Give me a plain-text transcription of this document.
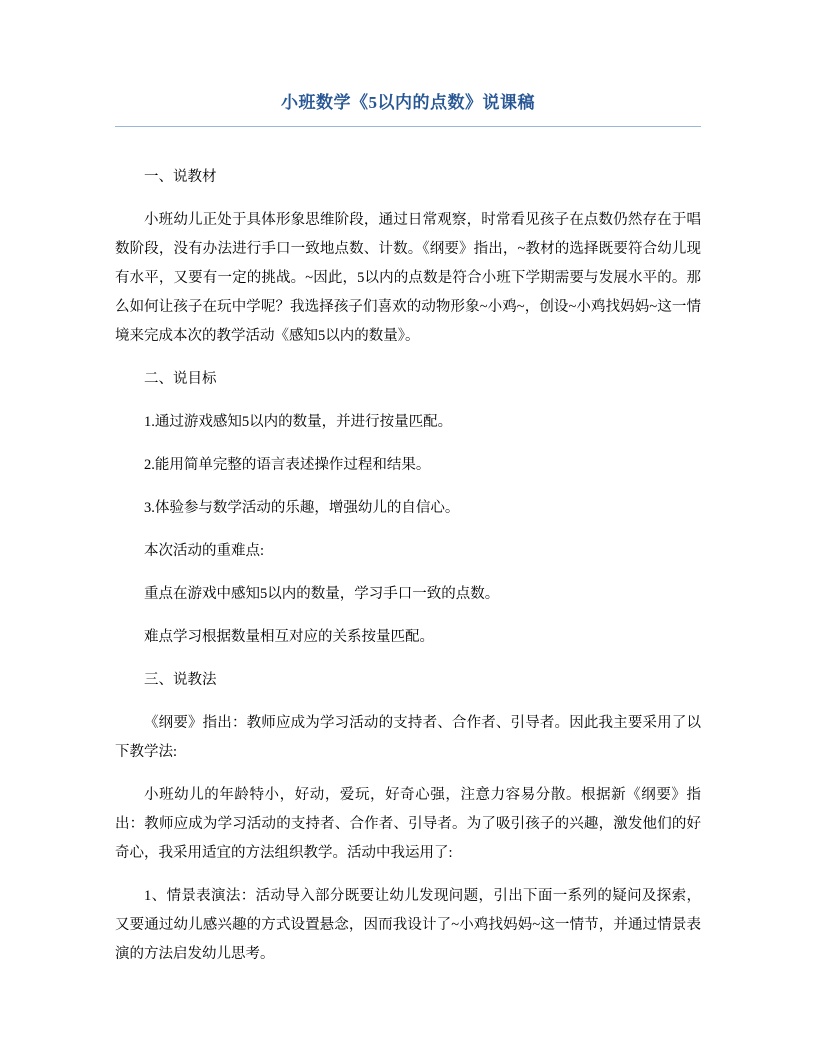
小班数学《5以内的点数》说课稿

一、说教材

小班幼儿正处于具体形象思维阶段，通过日常观察，时常看见孩子在点数仍然存在于唱数阶段，没有办法进行手口一致地点数、计数。《纲要》指出，~教材的选择既要符合幼儿现有水平，又要有一定的挑战。~因此，5以内的点数是符合小班下学期需要与发展水平的。那么如何让孩子在玩中学呢？我选择孩子们喜欢的动物形象~小鸡~，创设~小鸡找妈妈~这一情境来完成本次的教学活动《感知5以内的数量》。

二、说目标

1.通过游戏感知5以内的数量，并进行按量匹配。

2.能用简单完整的语言表述操作过程和结果。

3.体验参与数学活动的乐趣，增强幼儿的自信心。

本次活动的重难点:

重点在游戏中感知5以内的数量，学习手口一致的点数。

难点学习根据数量相互对应的关系按量匹配。

三、说教法

《纲要》指出：教师应成为学习活动的支持者、合作者、引导者。因此我主要采用了以下教学法:

小班幼儿的年龄特小，好动，爱玩，好奇心强，注意力容易分散。根据新《纲要》指出：教师应成为学习活动的支持者、合作者、引导者。为了吸引孩子的兴趣，激发他们的好奇心，我采用适宜的方法组织教学。活动中我运用了:

1、情景表演法：活动导入部分既要让幼儿发现问题，引出下面一系列的疑问及探索，又要通过幼儿感兴趣的方式设置悬念，因而我设计了~小鸡找妈妈~这一情节，并通过情景表演的方法启发幼儿思考。
